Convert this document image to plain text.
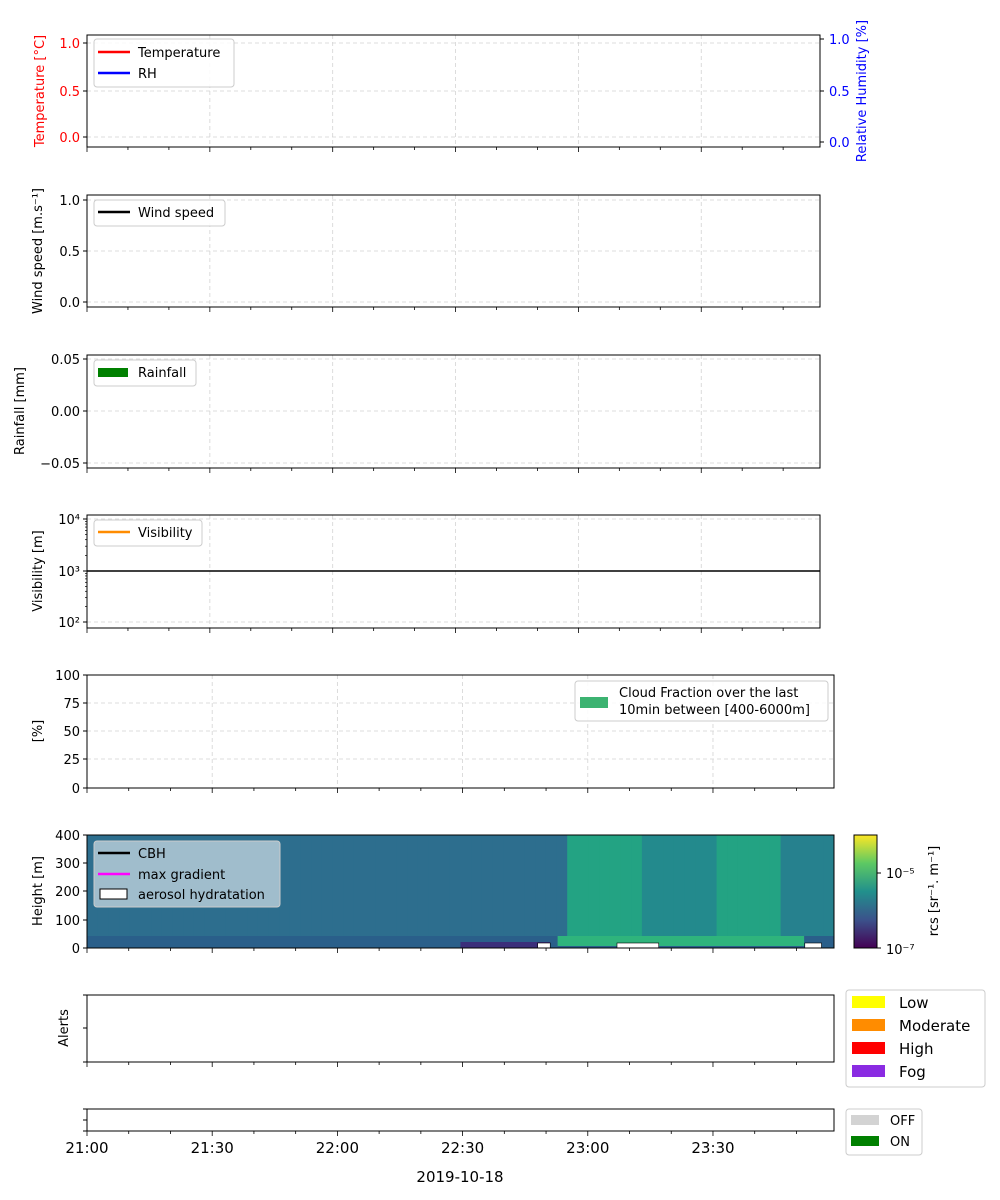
0.0
0.5
1.0
0.0
0.5
1.0
0.0
0.5
1.0
−0.05
0.00
0.05
10²
10³
10⁴
0
25
50
75
100
10⁻⁵
10⁻⁷
0
100
200
300
400
21:00	21:30	22:00	22:30	23:00	23:30
Temperature [°C]	Relative Humidity [%]
Wind speed [m.s⁻¹]
Rainfall [mm]
Visibility [m]
[%]
Height [m]
Alerts
rcs [sr⁻¹. m⁻¹]
Temperature
RH
Wind speed
Rainfall
Visibility
Cloud Fraction over the last
10min between [400-6000m]
CBH
max gradient
aerosol hydratation
Low
Moderate
High
Fog
OFF
ON
2019-10-18
